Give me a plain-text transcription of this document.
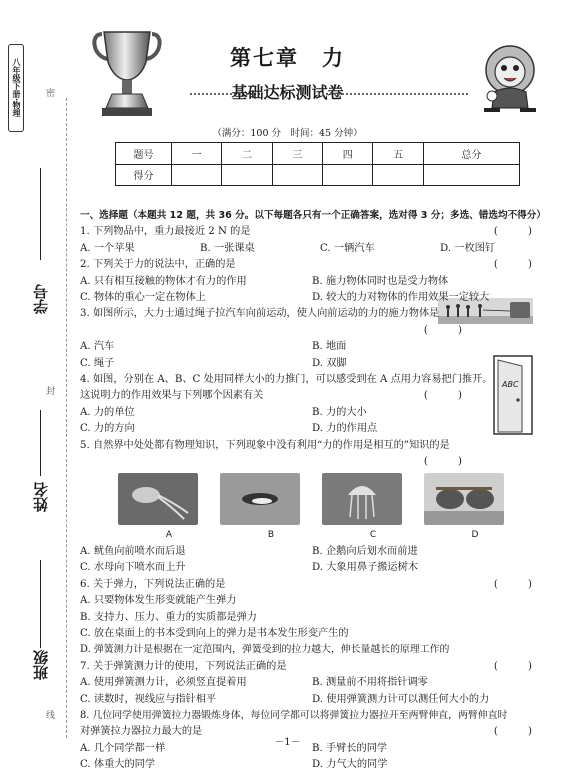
八年级下册·物理	密
学号
封
姓名
班级
线
第七章　力
基础达标测试卷
（满分：100 分　时间：45 分钟）
题号	一	二	三	四	五	总分
得分						
ABC
一、选择题（本题共 12 题，共 36 分。以下每题各只有一个正确答案，选对得 3 分；多选、错选均不得分）
1. 下列物品中，重力最接近 2 N 的是	(　)
A. 一个苹果	B. 一张课桌	C. 一辆汽车	D. 一枚图钉
2. 下列关于力的说法中，正确的是	(　)
A. 只有相互接触的物体才有力的作用	B. 施力物体同时也是受力物体
C. 物体的重心一定在物体上	D. 较大的力对物体的作用效果一定较大
3. 如图所示，大力士通过绳子拉汽车向前运动，使人向前运动的力的施力物体是
(　)
A. 汽车	B. 地面
C. 绳子	D. 双脚
4. 如图，分别在 A、B、C 处用同样大小的力推门，可以感受到在 A 点用力容易把门推开。
这说明力的作用效果与下列哪个因素有关	(　)
A. 力的单位	B. 力的大小
C. 力的方向	D. 力的作用点
5. 自然界中处处都有物理知识，下列现象中没有利用“力的作用是相互的”知识的是
(　)
A	B	C	D
A. 鱿鱼向前喷水而后退	B. 企鹅向后划水而前进
C. 水母向下喷水而上升	D. 大象用鼻子搬运树木
6. 关于弹力，下列说法正确的是	(　)
A. 只要物体发生形变就能产生弹力
B. 支持力、压力、重力的实质都是弹力
C. 放在桌面上的书本受到向上的弹力是书本发生形变产生的
D. 弹簧测力计是根据在一定范围内，弹簧受到的拉力越大，伸长量越长的原理工作的
7. 关于弹簧测力计的使用，下列说法正确的是	(　)
A. 使用弹簧测力计，必须竖直提着用	B. 测量前不用将指针调零
C. 读数时，视线应与指针相平	D. 使用弹簧测力计可以测任何大小的力
8. 几位同学使用弹簧拉力器锻炼身体，每位同学都可以将弹簧拉力器拉开至两臂伸直，两臂伸直时
对弹簧拉力器拉力最大的是	(　)
A. 几个同学都一样	B. 手臂长的同学
C. 体重大的同学	D. 力气大的同学
－1－
